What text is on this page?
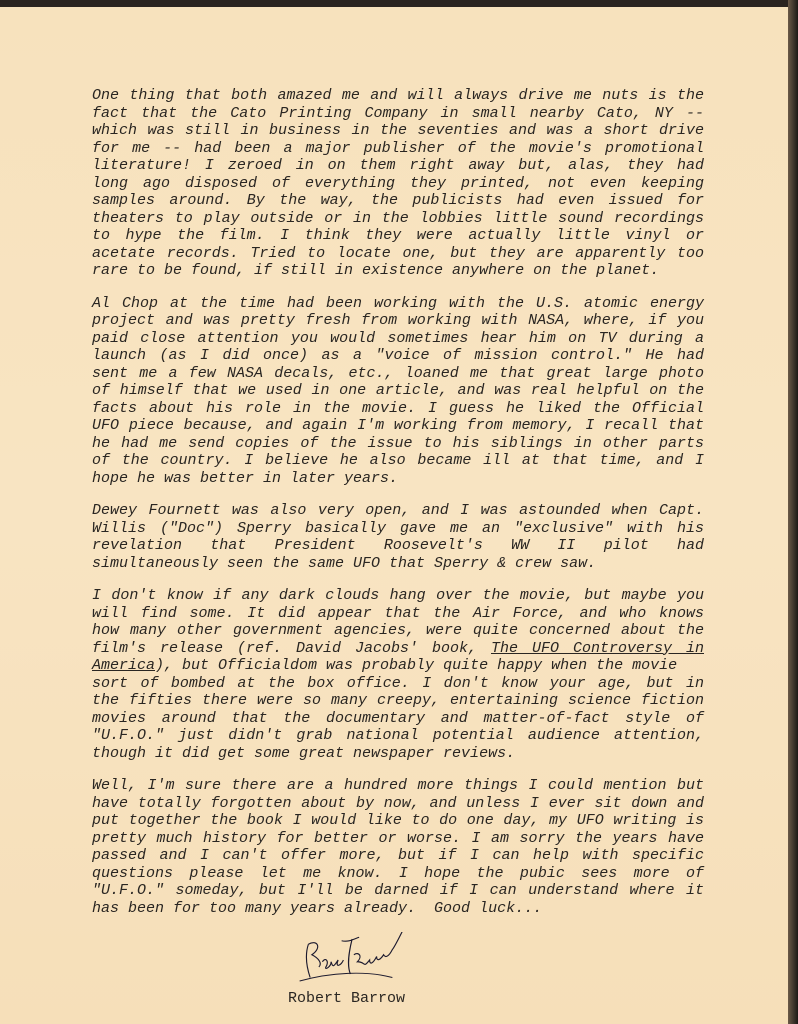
One thing that both amazed me and will always drive me nuts is the
fact that the Cato Printing Company in small nearby Cato, NY --
which was still in business in the seventies and was a short drive
for me -- had been a major publisher of the movie's promotional
literature! I zeroed in on them right away but, alas, they had
long ago disposed of everything they printed, not even keeping
samples around. By the way, the publicists had even issued for
theaters to play outside or in the lobbies little sound recordings
to hype the film. I think they were actually little vinyl or
acetate records. Tried to locate one, but they are apparently too
rare to be found, if still in existence anywhere on the planet.
Al Chop at the time had been working with the U.S. atomic energy
project and was pretty fresh from working with NASA, where, if you
paid close attention you would sometimes hear him on TV during a
launch (as I did once) as a "voice of mission control." He had
sent me a few NASA decals, etc., loaned me that great large photo
of himself that we used in one article, and was real helpful on the
facts about his role in the movie. I guess he liked the Official
UFO piece because, and again I'm working from memory, I recall that
he had me send copies of the issue to his siblings in other parts
of the country. I believe he also became ill at that time, and I
hope he was better in later years.
Dewey Fournett was also very open, and I was astounded when Capt.
Willis ("Doc") Sperry basically gave me an "exclusive" with his
revelation that President Roosevelt's WW II pilot had
simultaneously seen the same UFO that Sperry & crew saw.
I don't know if any dark clouds hang over the movie, but maybe you
will find some. It did appear that the Air Force, and who knows
how many other government agencies, were quite concerned about the
film's release (ref. David Jacobs' book, The UFO Controversy in
America), but Officialdom was probably quite happy when the movie
sort of bombed at the box office. I don't know your age, but in
the fifties there were so many creepy, entertaining science fiction
movies around that the documentary and matter-of-fact style of
"U.F.O." just didn't grab national potential audience attention,
though it did get some great newspaper reviews.
Well, I'm sure there are a hundred more things I could mention but
have totally forgotten about by now, and unless I ever sit down and
put together the book I would like to do one day, my UFO writing is
pretty much history for better or worse. I am sorry the years have
passed and I can't offer more, but if I can help with specific
questions please let me know. I hope the pubic sees more of
"U.F.O." someday, but I'll be darned if I can understand where it
has been for too many years already.  Good luck...
Robert Barrow
